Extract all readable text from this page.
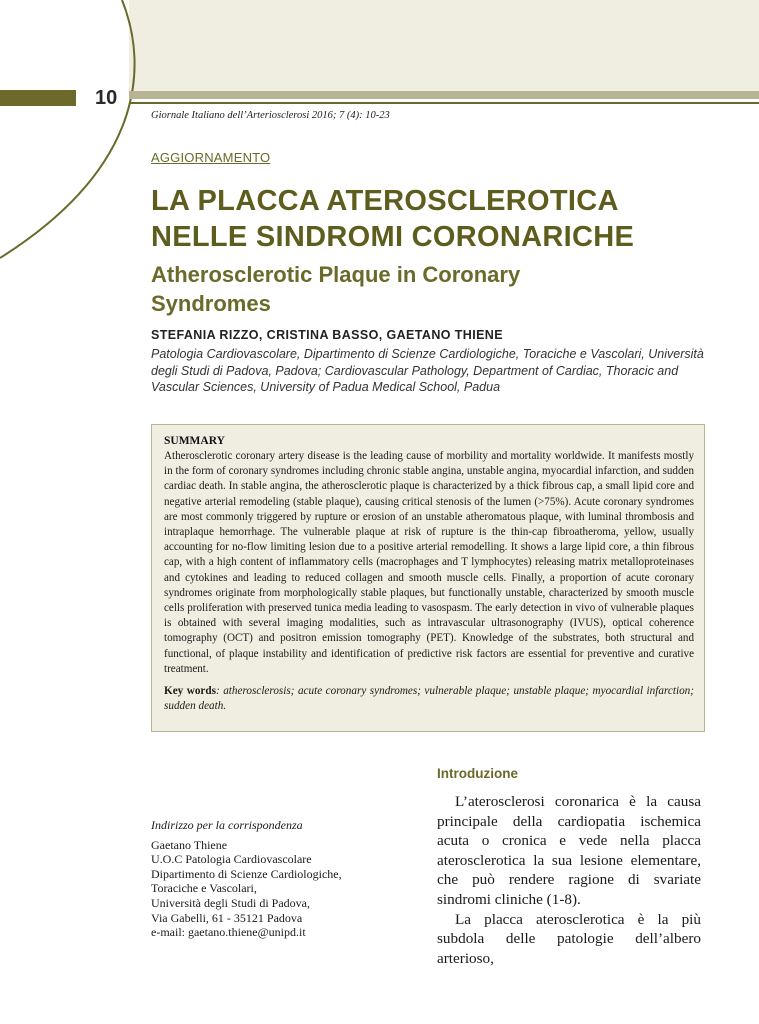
10
Giornale Italiano dell’Arteriosclerosi 2016; 7 (4): 10-23
AGGIORNAMENTO
LA PLACCA ATEROSCLEROTICA
NELLE SINDROMI CORONARICHE
Atherosclerotic Plaque in Coronary
Syndromes
STEFANIA RIZZO, CRISTINA BASSO, GAETANO THIENE
Patologia Cardiovascolare, Dipartimento di Scienze Cardiologiche, Toraciche e Vascolari, Università degli Studi di Padova, Padova; Cardiovascular Pathology, Department of Cardiac, Thoracic and Vascular Sciences, University of Padua Medical School, Padua
SUMMARY

Atherosclerotic coronary artery disease is the leading cause of morbility and mortality worldwide. It manifests mostly in the form of coronary syndromes including chronic stable angina, unstable angina, myocardial infarction, and sudden cardiac death. In stable angina, the atherosclerotic plaque is characterized by a thick fibrous cap, a small lipid core and negative arterial remodeling (stable plaque), causing critical stenosis of the lumen (>75%). Acute coronary syndromes are most commonly triggered by rupture or erosion of an unstable atheromatous plaque, with luminal thrombosis and intraplaque hemorrhage. The vulnerable plaque at risk of rupture is the thin-cap fibroatheroma, yellow, usually accounting for no-flow limiting lesion due to a positive arterial remodelling. It shows a large lipid core, a thin fibrous cap, with a high content of inflammatory cells (macrophages and T lymphocytes) releasing matrix metalloproteinases and cytokines and leading to reduced collagen and smooth muscle cells. Finally, a proportion of acute coronary syndromes originate from morphologically stable plaques, but functionally unstable, characterized by smooth muscle cells proliferation with preserved tunica media leading to vasospasm. The early detection in vivo of vulnerable plaques is obtained with several imaging modalities, such as intravascular ultrasonography (IVUS), optical coherence tomography (OCT) and positron emission tomography (PET). Knowledge of the substrates, both structural and functional, of plaque instability and identification of predictive risk factors are essential for preventive and curative treatment.

Key words: atherosclerosis; acute coronary syndromes; vulnerable plaque; unstable plaque; myocardial infarction; sudden death.
Introduzione

L’aterosclerosi coronarica è la causa principale della cardiopatia ischemica acuta o cronica e vede nella placca aterosclerotica la sua lesione elementare, che può rendere ragione di svariate sindromi cliniche (1-8).

La placca aterosclerotica è la più subdola delle patologie dell’albero arterioso,

Indirizzo per la corrispondenza
Gaetano Thiene
U.O.C Patologia Cardiovascolare
Dipartimento di Scienze Cardiologiche,
Toraciche e Vascolari,
Università degli Studi di Padova,
Via Gabelli, 61 - 35121 Padova
e-mail: gaetano.thiene@unipd.it
